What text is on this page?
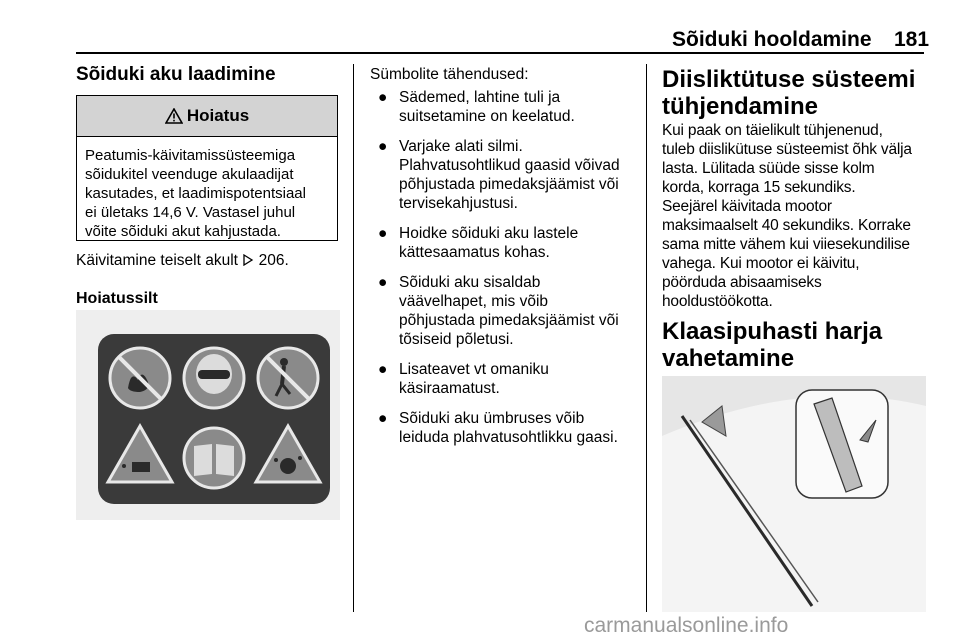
Sõiduki hooldamine 181
Sõiduki aku laadimine
Hoiatus
Peatumis-käivitamissüsteemiga
sõidukitel veenduge akulaadijat
kasutades, et laadimispotentsiaal
ei ületaks 14,6 V. Vastasel juhul
võite sõiduki akut kahjustada.
Käivitamine teiselt akult 206.
Hoiatussilt
Sümbolite tähendused:
● Sädemed, lahtine tuli ja
suitsetamine on keelatud.
● Varjake alati silmi.
Plahvatusohtlikud gaasid võivad
põhjustada pimedaksjäämist või
tervisekahjustusi.
● Hoidke sõiduki aku lastele
kättesaamatus kohas.
● Sõiduki aku sisaldab
väävelhapet, mis võib
põhjustada pimedaksjäämist või
tõsiseid põletusi.
● Lisateavet vt omaniku
käsiraamatust.
● Sõiduki aku ümbruses võib
leiduda plahvatusohtlikku gaasi.
Diisliktütuse süsteemi
tühjendamine
Kui paak on täielikult tühjenenud,
tuleb diislikütuse süsteemist õhk välja
lasta. Lülitada süüde sisse kolm
korda, korraga 15 sekundiks.
Seejärel käivitada mootor
maksimaalselt 40 sekundiks. Korrake
sama mitte vähem kui viiesekundilise
vahega. Kui mootor ei käivitu,
pöörduda abisaamiseks
hooldustöökotta.
Klaasipuhasti harja
vahetamine
carmanualsonline.info
